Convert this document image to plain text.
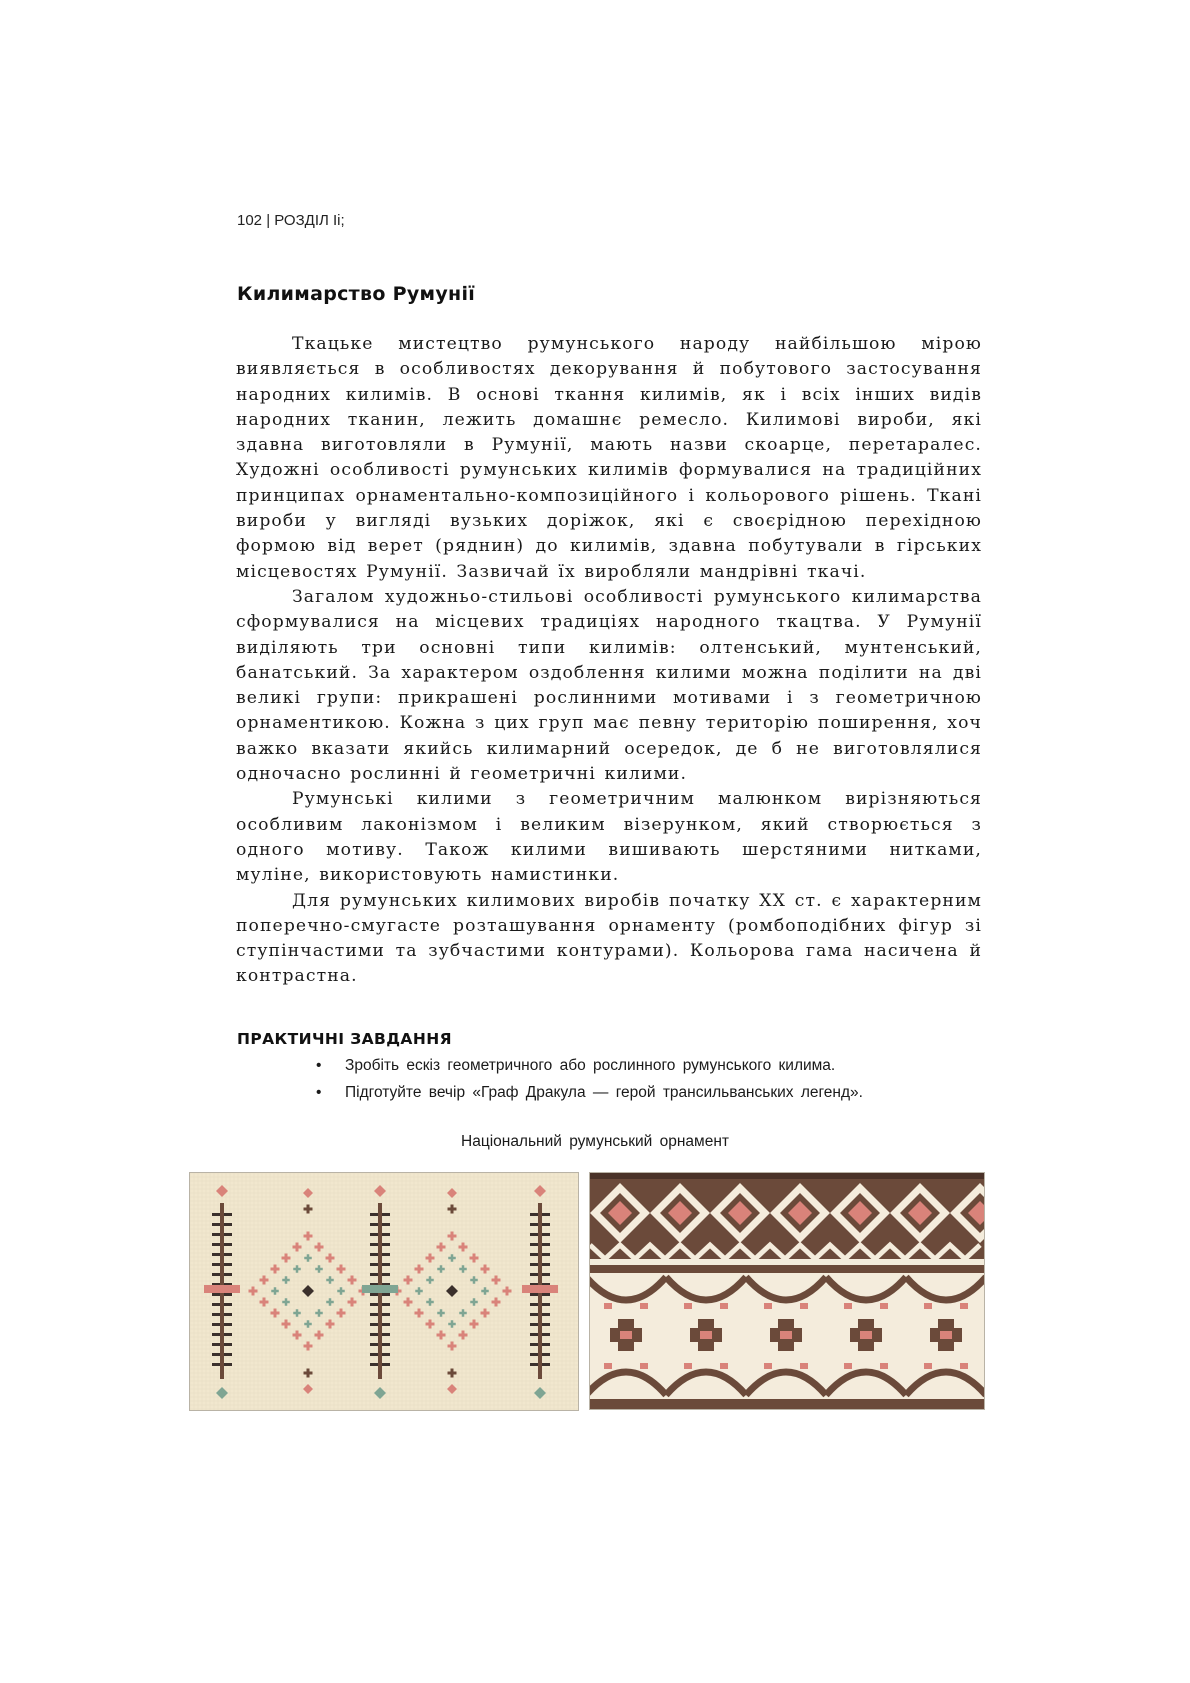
102 | РОЗДІЛ Ii;
Килимарство Румунії

Ткацьке мистецтво румунського народу найбільшою мірою виявляється в особливостях декорування й побутового застосування народних килимів. В основі ткання килимів, як і всіх інших видів народних тканин, лежить домашнє ремесло. Килимові вироби, які здавна виготовляли в Румунії, мають назви скоарце, перетаралес. Художні особливості румунських килимів формувалися на традиційних принципах орнаментально-композиційного і кольорового рішень. Ткані вироби у вигляді вузьких доріжок, які є своєрідною перехідною формою від верет (ряднин) до килимів, здавна побутували в гірських місцевостях Румунії. Зазвичай їх виробляли мандрівні ткачі.

Загалом художньо-стильові особливості румунського килимарства сформувалися на місцевих традиціях народного ткацтва. У Румунії виділяють три основні типи килимів: олтенський, мунтенський, банатський. За характером оздоблення килими можна поділити на дві великі групи: прикрашені рослинними мотивами і з геометричною орнаментикою. Кожна з цих груп має певну територію поширення, хоч важко вказати якийсь килимарний осередок, де б не виготовлялися одночасно рослинні й геометричні килими.

Румунські килими з геометричним малюнком вирізняються особливим лаконізмом і великим візерунком, який створюється з одного мотиву. Також килими вишивають шерстяними нитками, муліне, використовують намистинки.

Для румунських килимових виробів початку XX ст. є характерним поперечно-смугасте розташування орнаменту (ромбоподібних фігур зі ступінчастими та зубчастими контурами). Кольорова гама насичена й контрастна.

ПРАКТИЧНІ ЗАВДАННЯ
• Зробіть ескіз геометричного або рослинного румунського килима.
• Підготуйте вечір «Граф Дракула — герой трансильванських легенд».
Національний румунський орнамент
